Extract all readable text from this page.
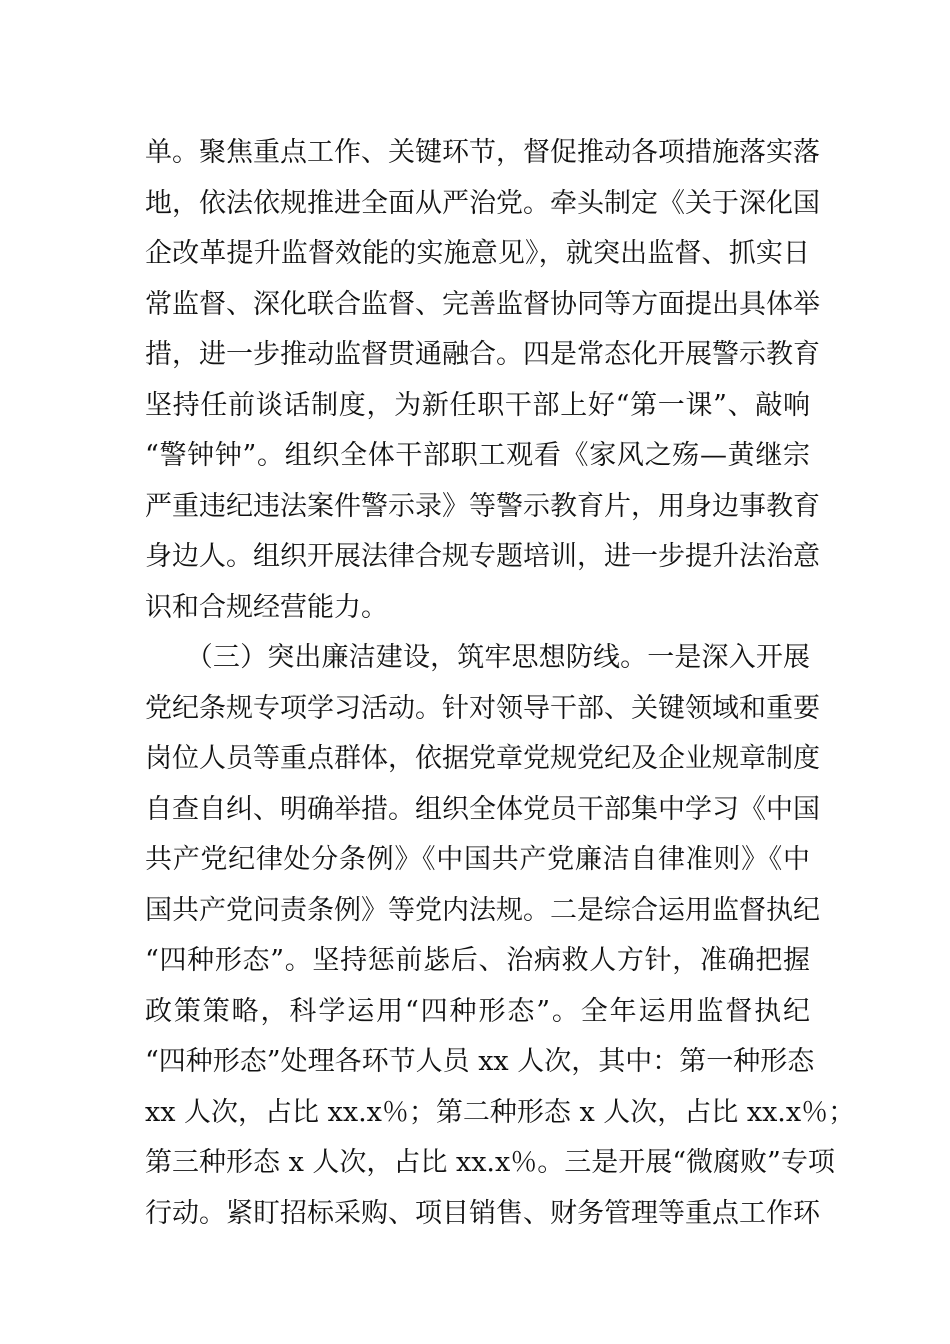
单。聚焦重点工作、关键环节，督促推动各项措施落实落
地，依法依规推进全面从严治党。牵头制定《关于深化国
企改革提升监督效能的实施意见》，就突出监督、抓实日
常监督、深化联合监督、完善监督协同等方面提出具体举
措，进一步推动监督贯通融合。四是常态化开展警示教育
坚持任前谈话制度，为新任职干部上好“第一课”、敲响
“警钟钟”。组织全体干部职工观看《家风之殇—黄继宗
严重违纪违法案件警示录》等警示教育片，用身边事教育
身边人。组织开展法律合规专题培训，进一步提升法治意
识和合规经营能力。
　　（三）突出廉洁建设，筑牢思想防线。一是深入开展
党纪条规专项学习活动。针对领导干部、关键领域和重要
岗位人员等重点群体，依据党章党规党纪及企业规章制度
自查自纠、明确举措。组织全体党员干部集中学习《中国
共产党纪律处分条例》《中国共产党廉洁自律准则》《中
国共产党问责条例》等党内法规。二是综合运用监督执纪
“四种形态”。坚持惩前毖后、治病救人方针，准确把握
政策策略，科学运用“四种形态”。全年运用监督执纪
“四种形态”处理各环节人员 xx 人次，其中：第一种形态
xx 人次，占比 xx.x％；第二种形态 x 人次，占比 xx.x％；
第三种形态 x 人次，占比 xx.x％。三是开展“微腐败”专项
行动。紧盯招标采购、项目销售、财务管理等重点工作环
